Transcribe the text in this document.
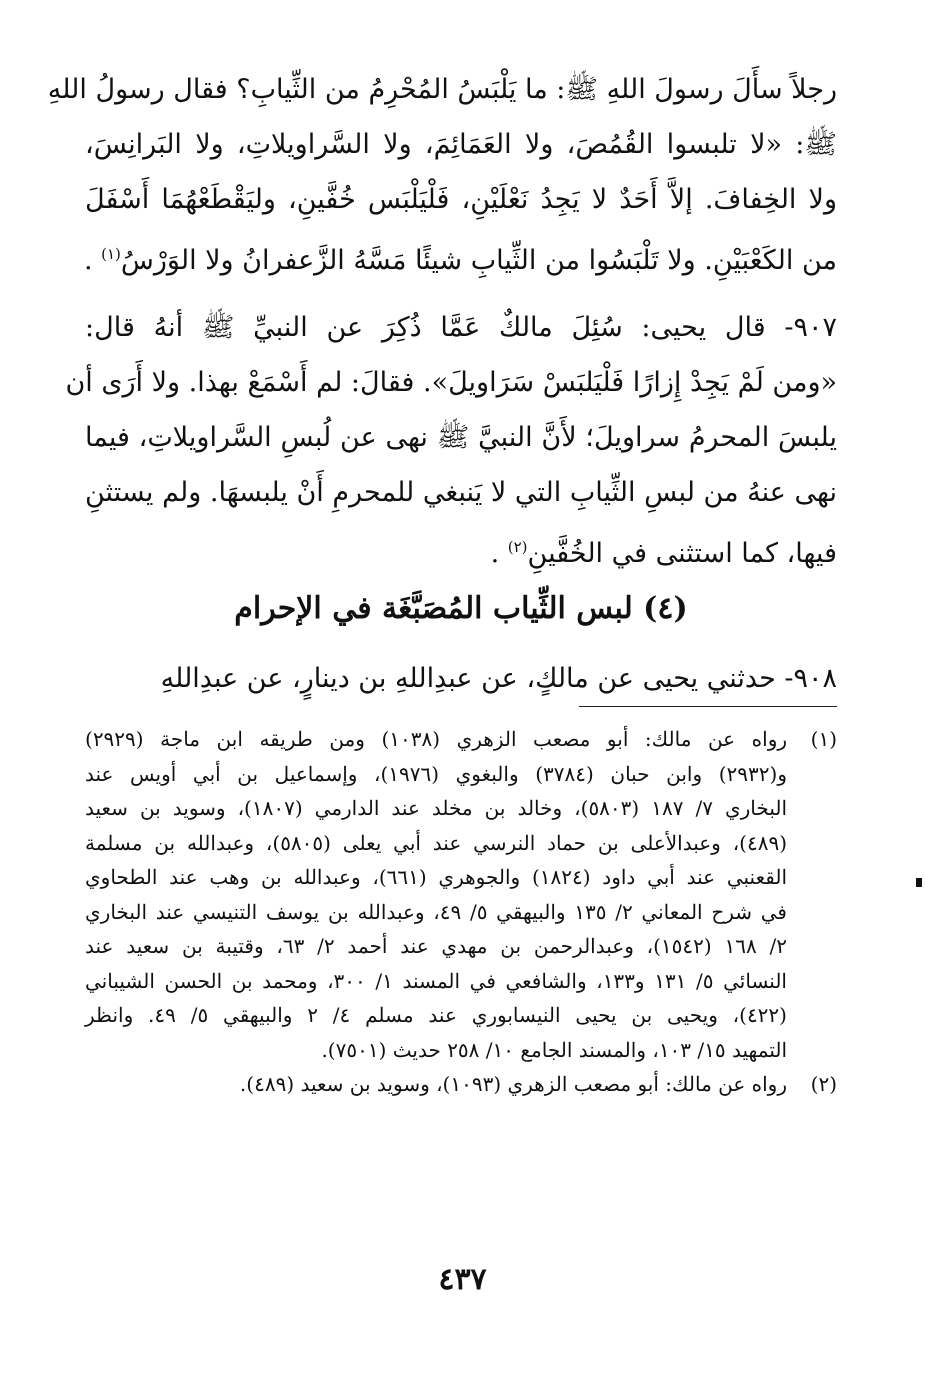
رجلاً سأَلَ رسولَ اللهِ ﷺ: ما يَلْبَسُ المُحْرِمُ من الثِّيابِ؟ فقال رسولُ اللهِ
ﷺ: «لا تلبسوا القُمُصَ، ولا العَمَائِمَ، ولا السَّراويلاتِ، ولا البَرانِسَ،
ولا الخِفافَ. إلاَّ أَحَدٌ لا يَجِدُ نَعْلَيْنِ، فَلْيَلْبَس خُفَّينِ، وليَقْطَعْهُمَا أَسْفَلَ
من الكَعْبَيْنِ. ولا تَلْبَسُوا من الثِّيابِ شيئًا مَسَّهُ الزَّعفرانُ ولا الوَرْسُ$^{(١)}$ .
٩٠٧- قال يحيى: سُئِلَ مالكٌ عَمَّا ذُكِرَ عن النبيِّ ﷺ أنهُ قال:
«ومن لَمْ يَجِدْ إِزارًا فَلْيَلبَسْ سَرَاويلَ». فقالَ: لم أَسْمَعْ بهذا. ولا أَرَى أن
يلبسَ المحرمُ سراويلَ؛ لأَنَّ النبيَّ ﷺ نهى عن لُبسِ السَّراويلاتِ، فيما
نهى عنهُ من لبسِ الثِّيابِ التي لا يَنبغي للمحرمِ أَنْ يلبسهَا. ولم يستثنِ
فيها، كما استثنى في الخُفَّينِ$^{(٢)}$ .
(٤) لبس الثِّياب المُصَبَّغَة في الإحرام
٩٠٨- حدثني يحيى عن مالكٍ، عن عبدِاللهِ بن دينارٍ، عن عبدِاللهِ
(١)
رواه عن مالك: أبو مصعب الزهري (١٠٣٨) ومن طريقه ابن ماجة (٢٩٢٩)
و(٢٩٣٢) وابن حبان (٣٧٨٤) والبغوي (١٩٧٦)، وإسماعيل بن أبي أويس عند
البخاري ٧/ ١٨٧ (٥٨٠٣)، وخالد بن مخلد عند الدارمي (١٨٠٧)، وسويد بن سعيد
(٤٨٩)، وعبدالأعلى بن حماد النرسي عند أبي يعلى (٥٨٠٥)، وعبدالله بن مسلمة
القعنبي عند أبي داود (١٨٢٤) والجوهري (٦٦١)، وعبدالله بن وهب عند الطحاوي
في شرح المعاني ٢/ ١٣٥ والبيهقي ٥/ ٤٩، وعبدالله بن يوسف التنيسي عند البخاري
٢/ ١٦٨ (١٥٤٢)، وعبدالرحمن بن مهدي عند أحمد ٢/ ٦٣، وقتيبة بن سعيد عند
النسائي ٥/ ١٣١ و١٣٣، والشافعي في المسند ١/ ٣٠٠، ومحمد بن الحسن الشيباني
(٤٢٢)، ويحيى بن يحيى النيسابوري عند مسلم ٤/ ٢ والبيهقي ٥/ ٤٩. وانظر
التمهيد ١٥/ ١٠٣، والمسند الجامع ١٠/ ٢٥٨ حديث (٧٥٠١).
(٢)
رواه عن مالك: أبو مصعب الزهري (١٠٩٣)، وسويد بن سعيد (٤٨٩).
٤٣٧
